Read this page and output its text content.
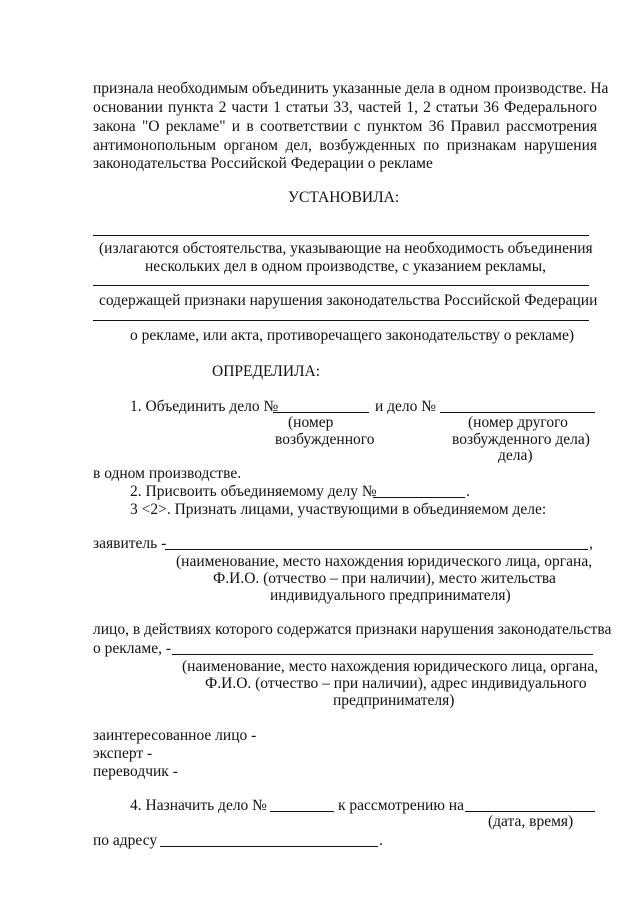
признала необходимым объединить указанные дела в одном производстве. На
основании пункта 2 части 1 статьи 33, частей 1, 2 статьи 36 Федерального
закона "О рекламе" и в соответствии с пунктом 36 Правил рассмотрения
антимонопольным органом дел, возбужденных по признакам нарушения
законодательства Российской Федерации о рекламе
УСТАНОВИЛА:
(излагаются обстоятельства, указывающие на необходимость объединения
нескольких дел в одном производстве, с указанием рекламы,
содержащей признаки нарушения законодательства Российской Федерации
о рекламе, или акта, противоречащего законодательству о рекламе)
ОПРЕДЕЛИЛА:
1. Объединить дело №	и дело №
(номер	(номер другого
возбужденного	возбужденного дела)
дела)
в одном производстве.
2. Присвоить объединяемому делу №	.
3 <2>. Признать лицами, участвующими в объединяемом деле:
заявитель -	,
(наименование, место нахождения юридического лица, органа,
Ф.И.О. (отчество – при наличии), место жительства
индивидуального предпринимателя)
лицо, в действиях которого содержатся признаки нарушения законодательства
о рекламе, -
(наименование, место нахождения юридического лица, органа,
Ф.И.О. (отчество – при наличии), адрес индивидуального
предпринимателя)
заинтересованное лицо -
эксперт -
переводчик -
4. Назначить дело №	к рассмотрению на
(дата, время)
по адресу	.
